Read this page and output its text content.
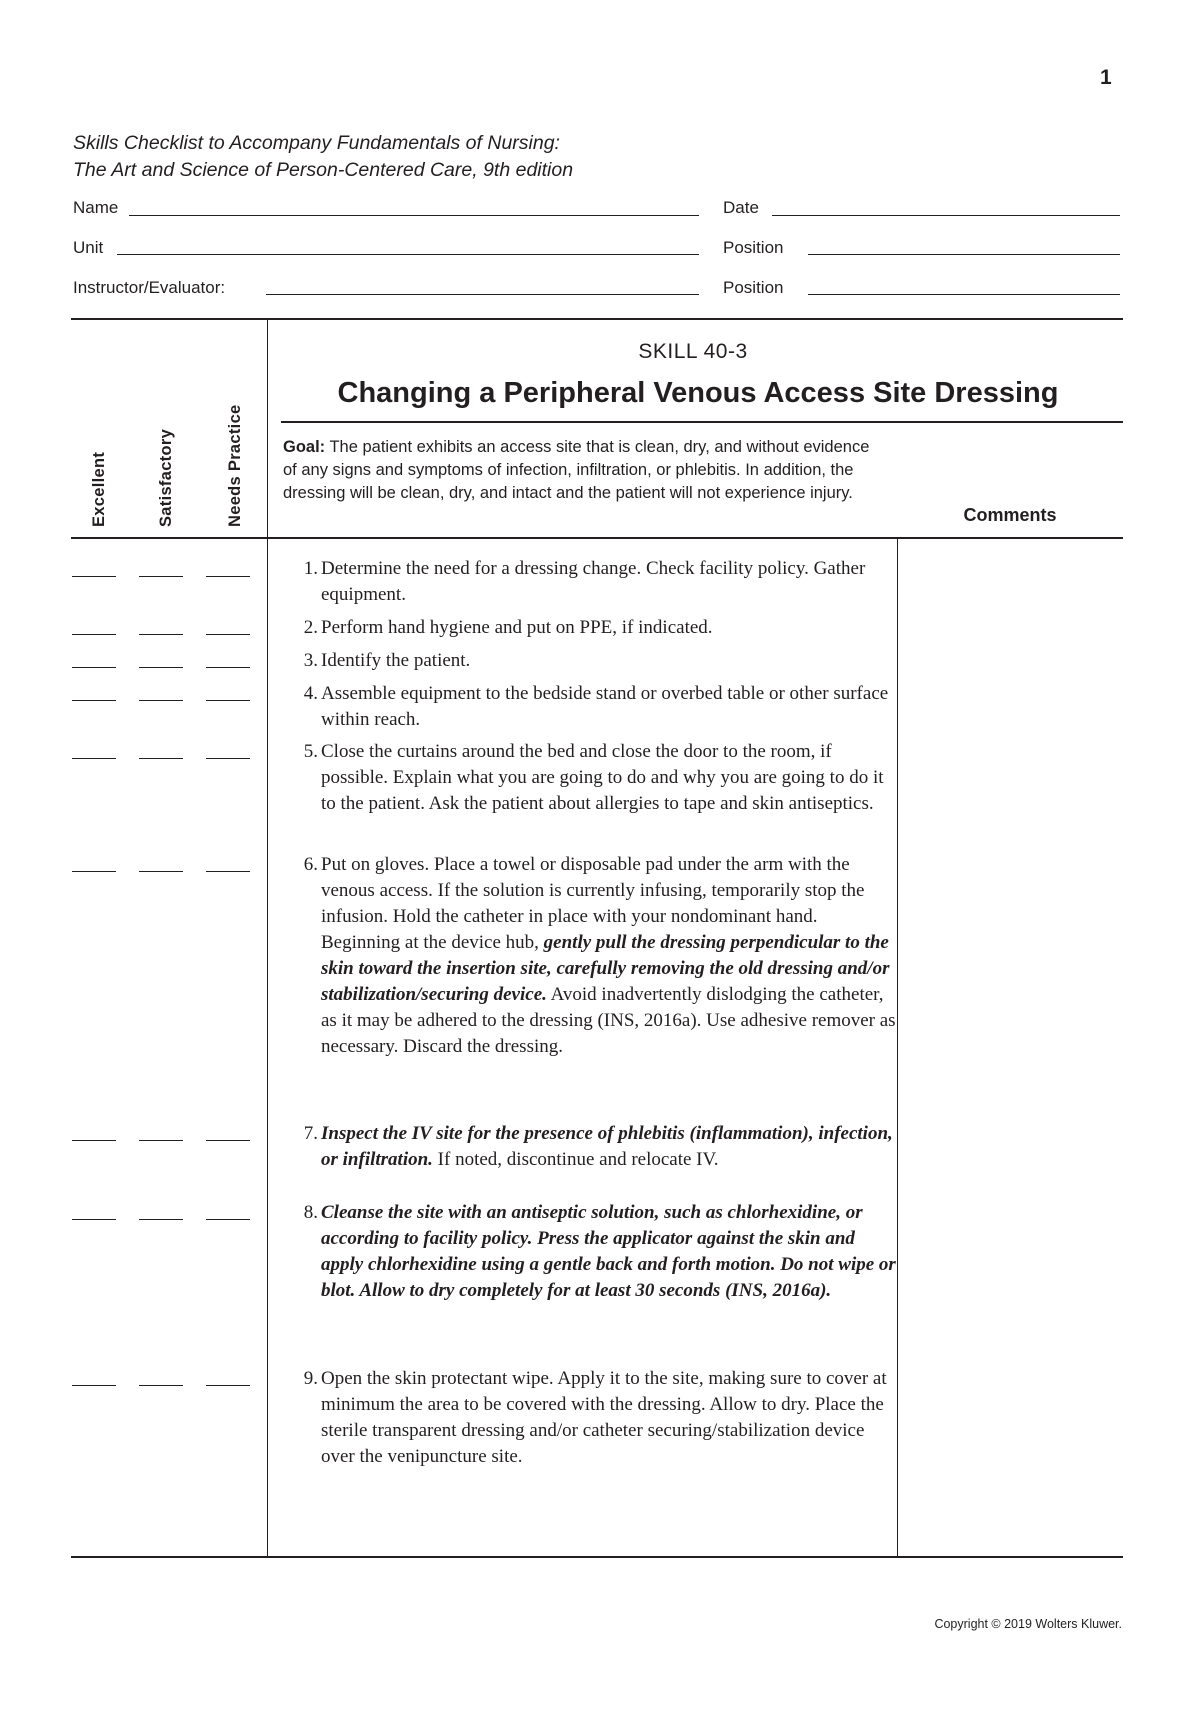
1
Skills Checklist to Accompany Fundamentals of Nursing:
The Art and Science of Person-Centered Care, 9th edition
Name	Date
Unit	Position
Instructor/Evaluator:	Position
Excellent	Satisfactory	Needs Practice
SKILL 40-3
Changing a Peripheral Venous Access Site Dressing
Goal: The patient exhibits an access site that is clean, dry, and without evidence of any signs and symptoms of infection, infiltration, or phlebitis. In addition, the dressing will be clean, dry, and intact and the patient will not experience injury.
Comments
1. Determine the need for a dressing change. Check facility policy. Gather equipment.
2. Perform hand hygiene and put on PPE, if indicated.
3. Identify the patient.
4. Assemble equipment to the bedside stand or overbed table or other surface within reach.
5. Close the curtains around the bed and close the door to the room, if possible. Explain what you are going to do and why you are going to do it to the patient. Ask the patient about allergies to tape and skin antiseptics.
6. Put on gloves. Place a towel or disposable pad under the arm with the venous access. If the solution is currently infusing, temporarily stop the infusion. Hold the catheter in place with your nondominant hand. Beginning at the device hub, gently pull the dressing perpendicular to the skin toward the insertion site, carefully removing the old dressing and/or stabilization/securing device. Avoid inadvertently dislodging the catheter, as it may be adhered to the dressing (INS, 2016a). Use adhesive remover as necessary. Discard the dressing.
7. Inspect the IV site for the presence of phlebitis (inflammation), infection, or infiltration. If noted, discontinue and relocate IV.
8. Cleanse the site with an antiseptic solution, such as chlorhexidine, or according to facility policy. Press the applicator against the skin and apply chlorhexidine using a gentle back and forth motion. Do not wipe or blot. Allow to dry completely for at least 30 seconds (INS, 2016a).
9. Open the skin protectant wipe. Apply it to the site, making sure to cover at minimum the area to be covered with the dressing. Allow to dry. Place the sterile transparent dressing and/or catheter securing/stabilization device over the venipuncture site.
Copyright © 2019 Wolters Kluwer.
